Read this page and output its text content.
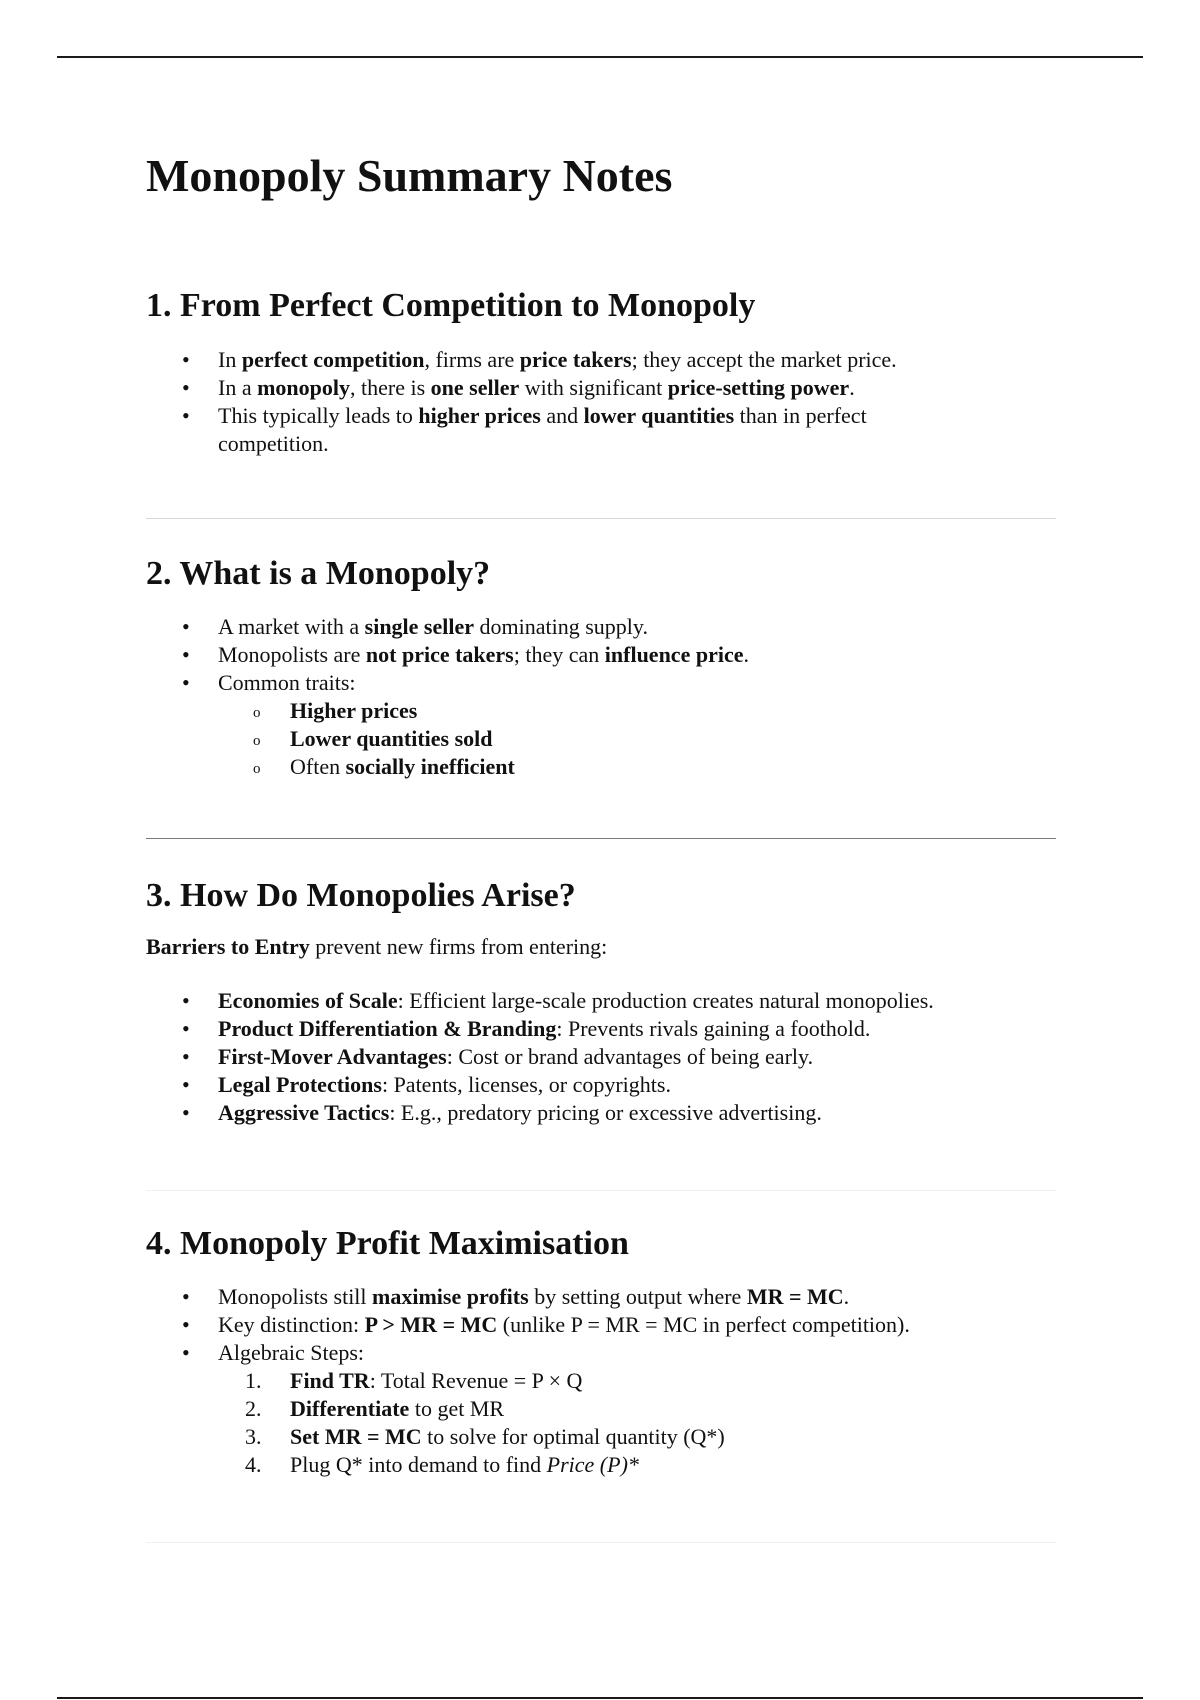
Monopoly Summary Notes
1. From Perfect Competition to Monopoly
• In perfect competition, firms are price takers; they accept the market price.
• In a monopoly, there is one seller with significant price-setting power.
• This typically leads to higher prices and lower quantities than in perfect competition.
2. What is a Monopoly?
• A market with a single seller dominating supply.
• Monopolists are not price takers; they can influence price.
• Common traits:
o Higher prices
o Lower quantities sold
o Often socially inefficient
3. How Do Monopolies Arise?

Barriers to Entry prevent new firms from entering:

• Economies of Scale: Efficient large-scale production creates natural monopolies.
• Product Differentiation & Branding: Prevents rivals gaining a foothold.
• First-Mover Advantages: Cost or brand advantages of being early.
• Legal Protections: Patents, licenses, or copyrights.
• Aggressive Tactics: E.g., predatory pricing or excessive advertising.
4. Monopoly Profit Maximisation
• Monopolists still maximise profits by setting output where MR = MC.
• Key distinction: P > MR = MC (unlike P = MR = MC in perfect competition).
• Algebraic Steps:
1. Find TR: Total Revenue = P × Q
2. Differentiate to get MR
3. Set MR = MC to solve for optimal quantity (Q*)
4. Plug Q* into demand to find Price (P)*
